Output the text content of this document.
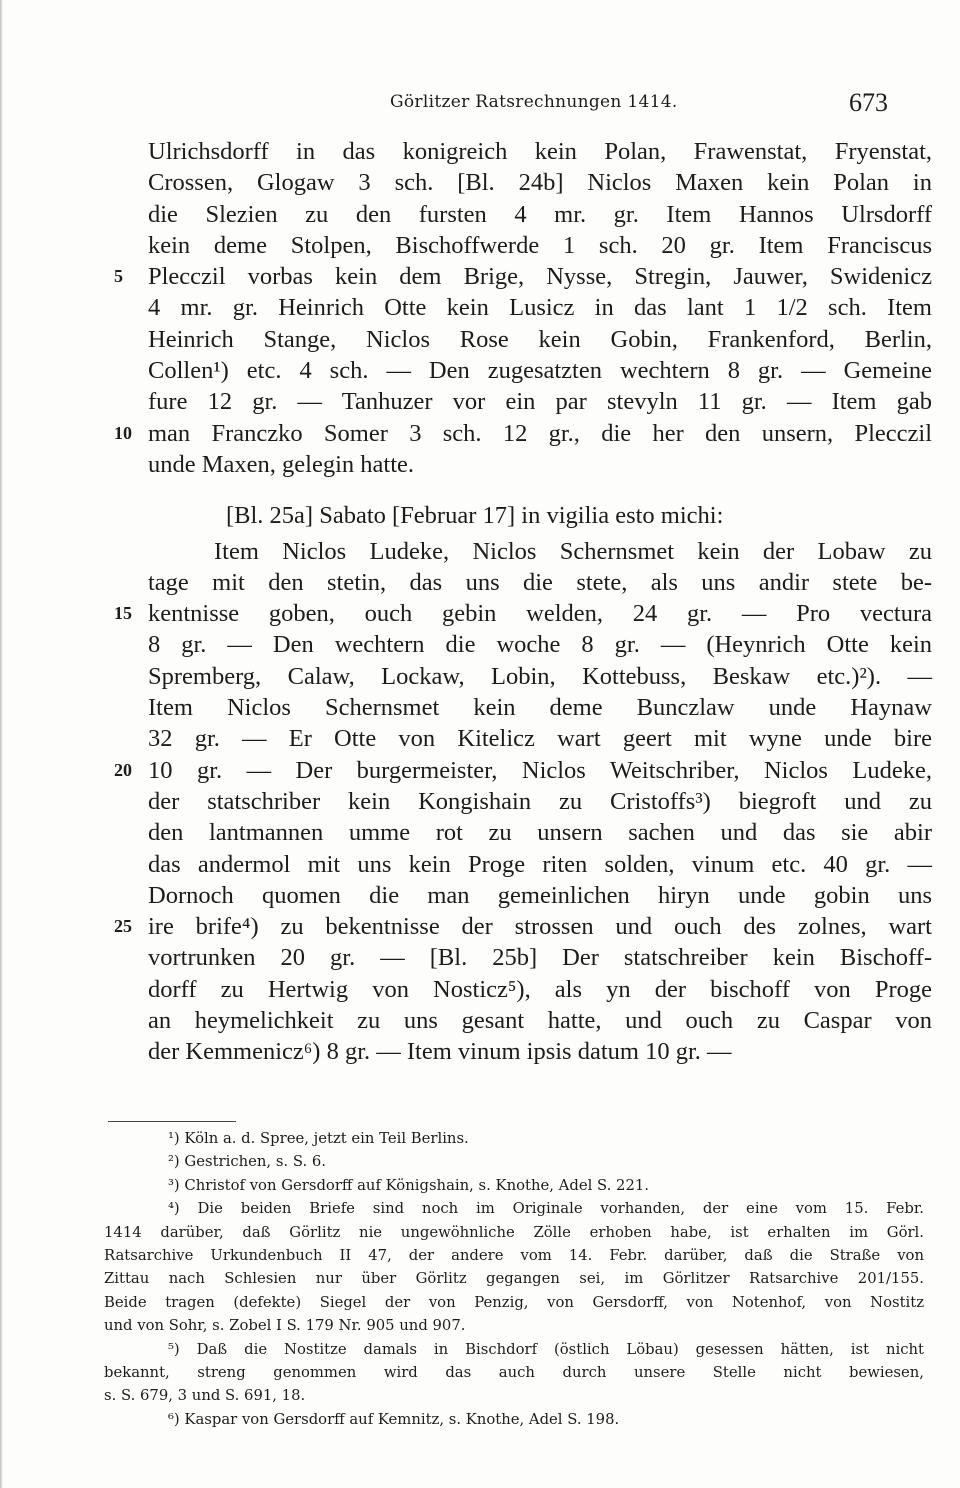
Görlitzer Ratsrechnungen 1414.	673
Ulrichsdorff in das konigreich kein Polan, Frawenstat, Fryenstat,
Crossen, Glogaw 3 sch. [Bl. 24b] Niclos Maxen kein Polan in
die Slezien zu den fursten 4 mr. gr. Item Hannos Ulrsdorff
kein deme Stolpen, Bischoffwerde 1 sch. 20 gr. Item Franciscus
5 Plecczil vorbas kein dem Brige, Nysse, Stregin, Jauwer, Swidenicz
4 mr. gr. Heinrich Otte kein Lusicz in das lant 1 1/2 sch. Item
Heinrich Stange, Niclos Rose kein Gobin, Frankenford, Berlin,
Collen¹) etc. 4 sch. — Den zugesatzten wechtern 8 gr. — Gemeine
fure 12 gr. — Tanhuzer vor ein par stevyln 11 gr. — Item gab
10 man Franczko Somer 3 sch. 12 gr., die her den unsern, Plecczil
unde Maxen, gelegin hatte.
[Bl. 25a] Sabato [Februar 17] in vigilia esto michi:
Item Niclos Ludeke, Niclos Schernsmet kein der Lobaw zu
tage mit den stetin, das uns die stete, als uns andir stete be-
15 kentnisse goben, ouch gebin welden, 24 gr. — Pro vectura
8 gr. — Den wechtern die woche 8 gr. — (Heynrich Otte kein
Spremberg, Calaw, Lockaw, Lobin, Kottebuss, Beskaw etc.)²). —
Item Niclos Schernsmet kein deme Bunczlaw unde Haynaw
32 gr. — Er Otte von Kitelicz wart geert mit wyne unde bire
20 10 gr. — Der burgermeister, Niclos Weitschriber, Niclos Ludeke,
der statschriber kein Kongishain zu Cristoffs³) biegroft und zu
den lantmannen umme rot zu unsern sachen und das sie abir
das andermol mit uns kein Proge riten solden, vinum etc. 40 gr. —
Dornoch quomen die man gemeinlichen hiryn unde gobin uns
25 ire brife⁴) zu bekentnisse der strossen und ouch des zolnes, wart
vortrunken 20 gr. — [Bl. 25b] Der statschreiber kein Bischoff-
dorff zu Hertwig von Nosticz⁵), als yn der bischoff von Proge
an heymelichkeit zu uns gesant hatte, und ouch zu Caspar von
der Kemmenicz⁶) 8 gr. — Item vinum ipsis datum 10 gr. —
¹) Köln a. d. Spree, jetzt ein Teil Berlins.
²) Gestrichen, s. S. 6.
³) Christof von Gersdorff auf Königshain, s. Knothe, Adel S. 221.
⁴) Die beiden Briefe sind noch im Originale vorhanden, der eine vom 15. Febr.
1414 darüber, daß Görlitz nie ungewöhnliche Zölle erhoben habe, ist erhalten im Görl.
Ratsarchive Urkundenbuch II 47, der andere vom 14. Febr. darüber, daß die Straße von
Zittau nach Schlesien nur über Görlitz gegangen sei, im Görlitzer Ratsarchive 201/155.
Beide tragen (defekte) Siegel der von Penzig, von Gersdorff, von Notenhof, von Nostitz
und von Sohr, s. Zobel I S. 179 Nr. 905 und 907.
⁵) Daß die Nostitze damals in Bischdorf (östlich Löbau) gesessen hätten, ist nicht
bekannt, streng genommen wird das auch durch unsere Stelle nicht bewiesen,
s. S. 679, 3 und S. 691, 18.
⁶) Kaspar von Gersdorff auf Kemnitz, s. Knothe, Adel S. 198.
